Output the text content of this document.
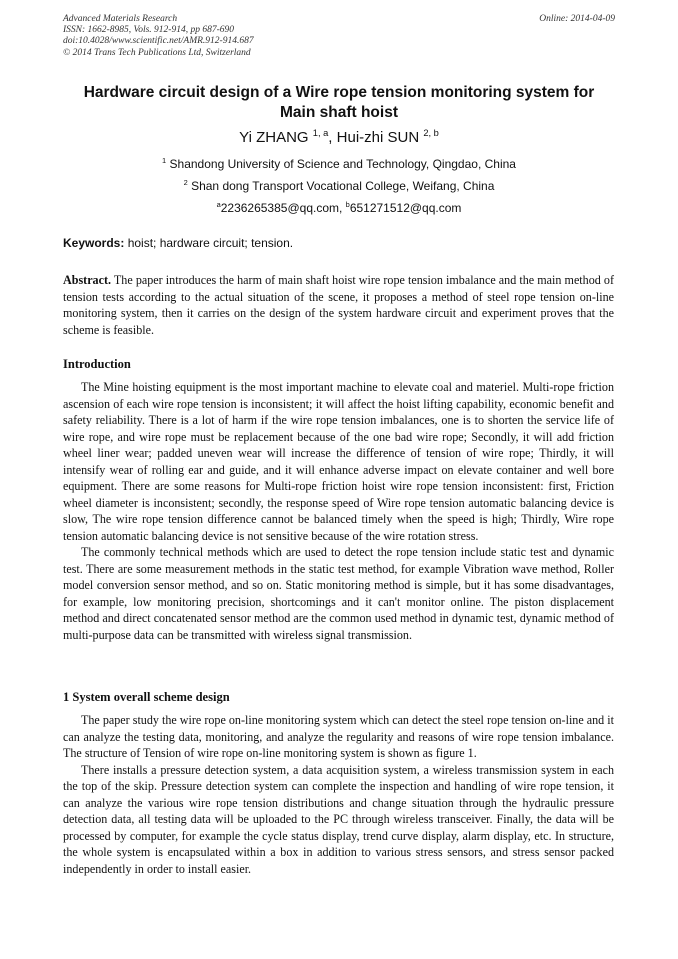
Advanced Materials Research
ISSN: 1662-8985, Vols. 912-914, pp 687-690
doi:10.4028/www.scientific.net/AMR.912-914.687
© 2014 Trans Tech Publications Ltd, Switzerland
Online: 2014-04-09
Hardware circuit design of a Wire rope tension monitoring system for
Main shaft hoist
Yi ZHANG $^{1, a}$, Hui-zhi SUN $^{2, b}$
$^1$ Shandong University of Science and Technology, Qingdao, China
$^2$ Shan dong Transport Vocational College, Weifang, China
$^a$2236265385@qq.com, $^b$651271512@qq.com
Keywords: hoist; hardware circuit; tension.
Abstract. The paper introduces the harm of main shaft hoist wire rope tension imbalance and the main method of tension tests according to the actual situation of the scene, it proposes a method of steel rope tension on-line monitoring system, then it carries on the design of the system hardware circuit and experiment proves that the scheme is feasible.
Introduction

The Mine hoisting equipment is the most important machine to elevate coal and materiel. Multi-rope friction ascension of each wire rope tension is inconsistent; it will affect the hoist lifting capability, economic benefit and safety reliability. There is a lot of harm if the wire rope tension imbalances, one is to shorten the service life of wire rope, and wire rope must be replacement because of the one bad wire rope; Secondly, it will add friction wheel liner wear; padded uneven wear will increase the difference of tension of wire rope; Thirdly, it will intensify wear of rolling ear and guide, and it will enhance adverse impact on elevate container and well bore equipment. There are some reasons for Multi-rope friction hoist wire rope tension inconsistent: first, Friction wheel diameter is inconsistent; secondly, the response speed of Wire rope tension automatic balancing device is slow, The wire rope tension difference cannot be balanced timely when the speed is high; Thirdly, Wire rope tension automatic balancing device is not sensitive because of the wire rotation stress.

The commonly technical methods which are used to detect the rope tension include static test and dynamic test. There are some measurement methods in the static test method, for example Vibration wave method, Roller model conversion sensor method, and so on. Static monitoring method is simple, but it has some disadvantages, for example, low monitoring precision, shortcomings and it can't monitor online. The piston displacement method and direct concatenated sensor method are the common used method in dynamic test, dynamic method of multi-purpose data can be transmitted with wireless signal transmission.

1 System overall scheme design

The paper study the wire rope on-line monitoring system which can detect the steel rope tension on-line and it can analyze the testing data, monitoring, and analyze the regularity and reasons of wire rope tension imbalance. The structure of Tension of wire rope on-line monitoring system is shown as figure 1.

There installs a pressure detection system, a data acquisition system, a wireless transmission system in each the top of the skip. Pressure detection system can complete the inspection and handling of wire rope tension, it can analyze the various wire rope tension distributions and change situation through the hydraulic pressure detection data, all testing data will be uploaded to the PC through wireless transceiver. Finally, the data will be processed by computer, for example the cycle status display, trend curve display, alarm display, etc. In structure, the whole system is encapsulated within a box in addition to various stress sensors, and stress sensor packed independently in order to install easier.
